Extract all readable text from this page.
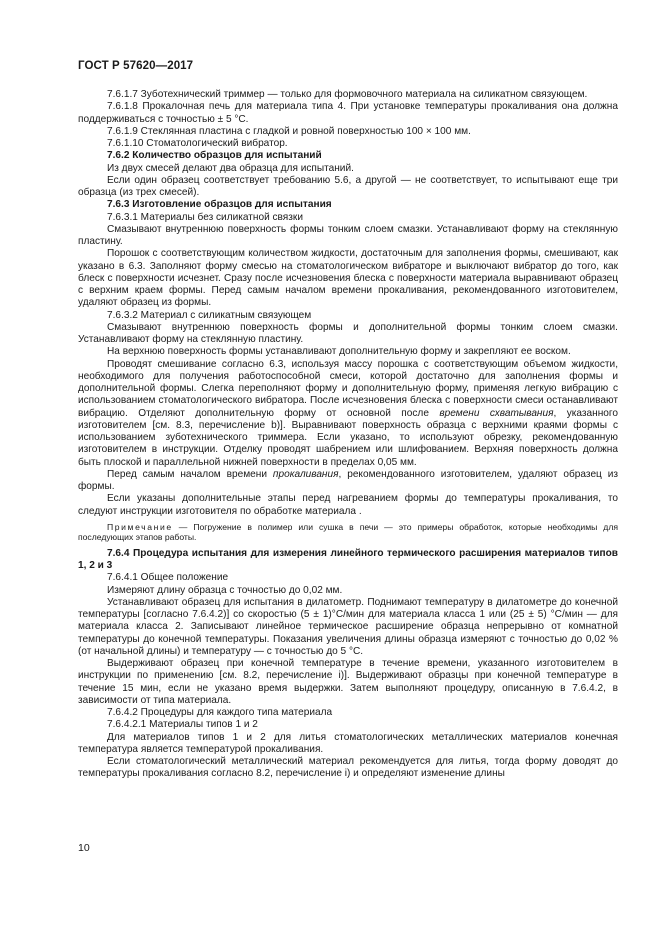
ГОСТ Р 57620—2017

7.6.1.7 Зуботехнический триммер — только для формовочного материала на силикатном связующем.

7.6.1.8 Прокалочная печь для материала типа 4. При установке температуры прокаливания она должна поддерживаться с точностью ± 5 °С.

7.6.1.9 Стеклянная пластина с гладкой и ровной поверхностью 100 × 100 мм.

7.6.1.10 Стоматологический вибратор.

7.6.2 Количество образцов для испытаний

Из двух смесей делают два образца для испытаний.

Если один образец соответствует требованию 5.6, а другой — не соответствует, то испытывают еще три образца (из трех смесей).

7.6.3 Изготовление образцов для испытания

7.6.3.1 Материалы без силикатной связки

Смазывают внутреннюю поверхность формы тонким слоем смазки. Устанавливают форму на стеклянную пластину.

Порошок с соответствующим количеством жидкости, достаточным для заполнения формы, смешивают, как указано в 6.3. Заполняют форму смесью на стоматологическом вибраторе и выключают вибратор до того, как блеск с поверхности исчезнет. Сразу после исчезновения блеска с поверхности материала выравнивают образец с верхним краем формы. Перед самым началом времени прокаливания, рекомендованного изготовителем, удаляют образец из формы.

7.6.3.2 Материал с силикатным связующем

Смазывают внутреннюю поверхность формы и дополнительной формы тонким слоем смазки. Устанавливают форму на стеклянную пластину.

На верхнюю поверхность формы устанавливают дополнительную форму и закрепляют ее воском.

Проводят смешивание согласно 6.3, используя массу порошка с соответствующим объемом жидкости, необходимого для получения работоспособной смеси, которой достаточно для заполнения формы и дополнительной формы. Слегка переполняют форму и дополнительную форму, применяя легкую вибрацию с использованием стоматологического вибратора. После исчезновения блеска с поверхности смеси останавливают вибрацию. Отделяют дополнительную форму от основной после времени схватывания, указанного изготовителем [см. 8.3, перечисление b)]. Выравнивают поверхность образца с верхними краями формы с использованием зуботехнического триммера. Если указано, то используют обрезку, рекомендованную изготовителем в инструкции. Отделку проводят шабрением или шлифованием. Верхняя поверхность должна быть плоской и параллельной нижней поверхности в пределах 0,05 мм.

Перед самым началом времени прокаливания, рекомендованного изготовителем, удаляют образец из формы.

Если указаны дополнительные этапы перед нагреванием формы до температуры прокаливания, то следуют инструкции изготовителя по обработке материала .

Примечание — Погружение в полимер или сушка в печи — это примеры обработок, которые необходимы для последующих этапов работы.

7.6.4 Процедура испытания для измерения линейного термического расширения материалов типов 1, 2 и 3

7.6.4.1 Общее положение

Измеряют длину образца с точностью до 0,02 мм.

Устанавливают образец для испытания в дилатометр. Поднимают температуру в дилатометре до конечной температуры [согласно 7.6.4.2)] со скоростью (5 ± 1)°С/мин для материала класса 1 или (25 ± 5) °С/мин — для материала класса 2. Записывают линейное термическое расширение образца непрерывно от комнатной температуры до конечной температуры. Показания увеличения длины образца измеряют с точностью до 0,02 % (от начальной длины) и температуру — с точностью до 5 °С.

Выдерживают образец при конечной температуре в течение времени, указанного изготовителем в инструкции по применению [см. 8.2, перечисление i)]. Выдерживают образцы при конечной температуре в течение 15 мин, если не указано время выдержки. Затем выполняют процедуру, описанную в 7.6.4.2, в зависимости от типа материала.

7.6.4.2 Процедуры для каждого типа материала

7.6.4.2.1 Материалы типов 1 и 2

Для материалов типов 1 и 2 для литья стоматологических металлических материалов конечная температура является температурой прокаливания.

Если стоматологический металлический материал рекомендуется для литья, тогда форму доводят до температуры прокаливания согласно 8.2, перечисление i) и определяют изменение длины

10
